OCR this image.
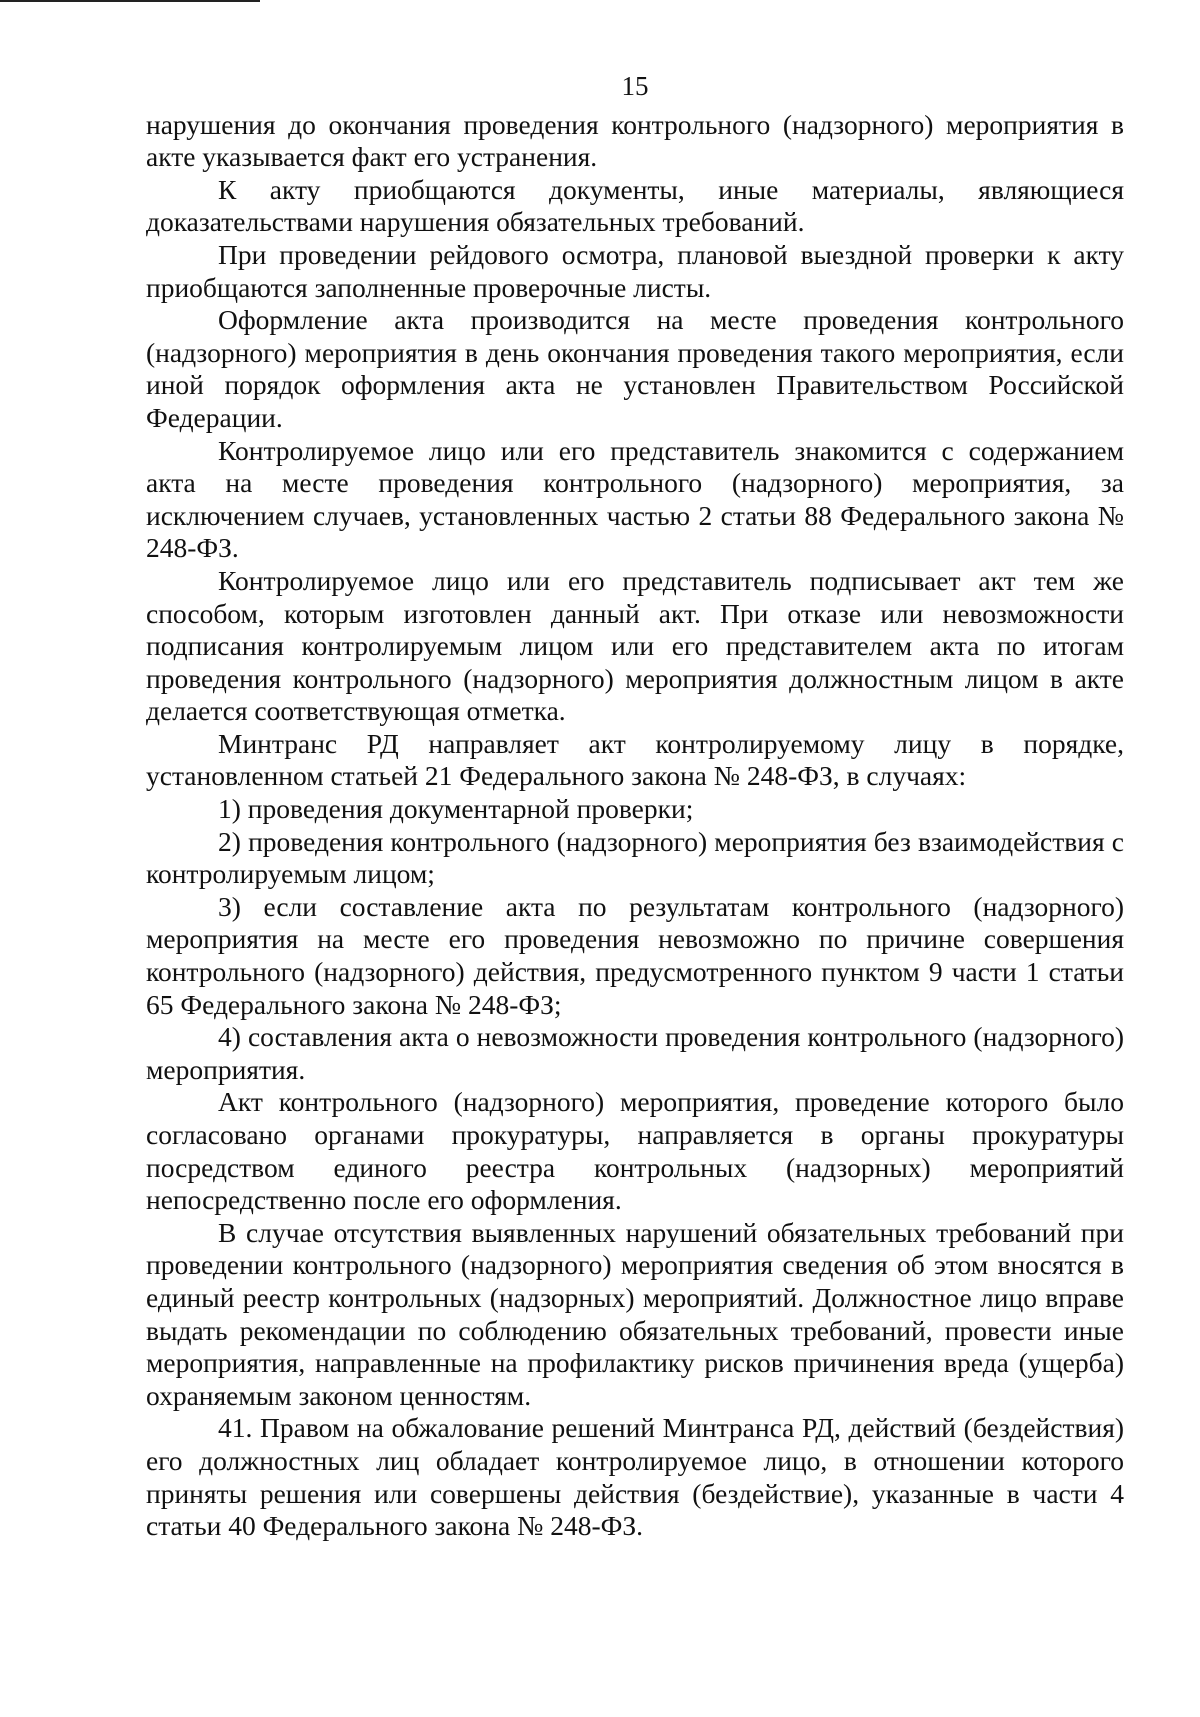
15

нарушения до окончания проведения контрольного (надзорного) мероприятия в акте указывается факт его устранения.

К акту приобщаются документы, иные материалы, являющиеся доказательствами нарушения обязательных требований.

При проведении рейдового осмотра, плановой выездной проверки к акту приобщаются заполненные проверочные листы.

Оформление акта производится на месте проведения контрольного (надзорного) мероприятия в день окончания проведения такого мероприятия, если иной порядок оформления акта не установлен Правительством Российской Федерации.

Контролируемое лицо или его представитель знакомится с содержанием акта на месте проведения контрольного (надзорного) мероприятия, за исключением случаев, установленных частью 2 статьи 88 Федерального закона № 248-ФЗ.

Контролируемое лицо или его представитель подписывает акт тем же способом, которым изготовлен данный акт. При отказе или невозможности подписания контролируемым лицом или его представителем акта по итогам проведения контрольного (надзорного) мероприятия должностным лицом в акте делается соответствующая отметка.

Минтранс РД направляет акт контролируемому лицу в порядке, установленном статьей 21 Федерального закона № 248-ФЗ, в случаях:

1) проведения документарной проверки;

2) проведения контрольного (надзорного) мероприятия без взаимодействия с контролируемым лицом;

3) если составление акта по результатам контрольного (надзорного) мероприятия на месте его проведения невозможно по причине совершения контрольного (надзорного) действия, предусмотренного пунктом 9 части 1 статьи 65 Федерального закона № 248-ФЗ;

4) составления акта о невозможности проведения контрольного (надзорного) мероприятия.

Акт контрольного (надзорного) мероприятия, проведение которого было согласовано органами прокуратуры, направляется в органы прокуратуры посредством единого реестра контрольных (надзорных) мероприятий непосредственно после его оформления.

В случае отсутствия выявленных нарушений обязательных требований при проведении контрольного (надзорного) мероприятия сведения об этом вносятся в единый реестр контрольных (надзорных) мероприятий. Должностное лицо вправе выдать рекомендации по соблюдению обязательных требований, провести иные мероприятия, направленные на профилактику рисков причинения вреда (ущерба) охраняемым законом ценностям.

41. Правом на обжалование решений Минтранса РД, действий (бездействия) его должностных лиц обладает контролируемое лицо, в отношении которого приняты решения или совершены действия (бездействие), указанные в части 4 статьи 40 Федерального закона № 248-ФЗ.
